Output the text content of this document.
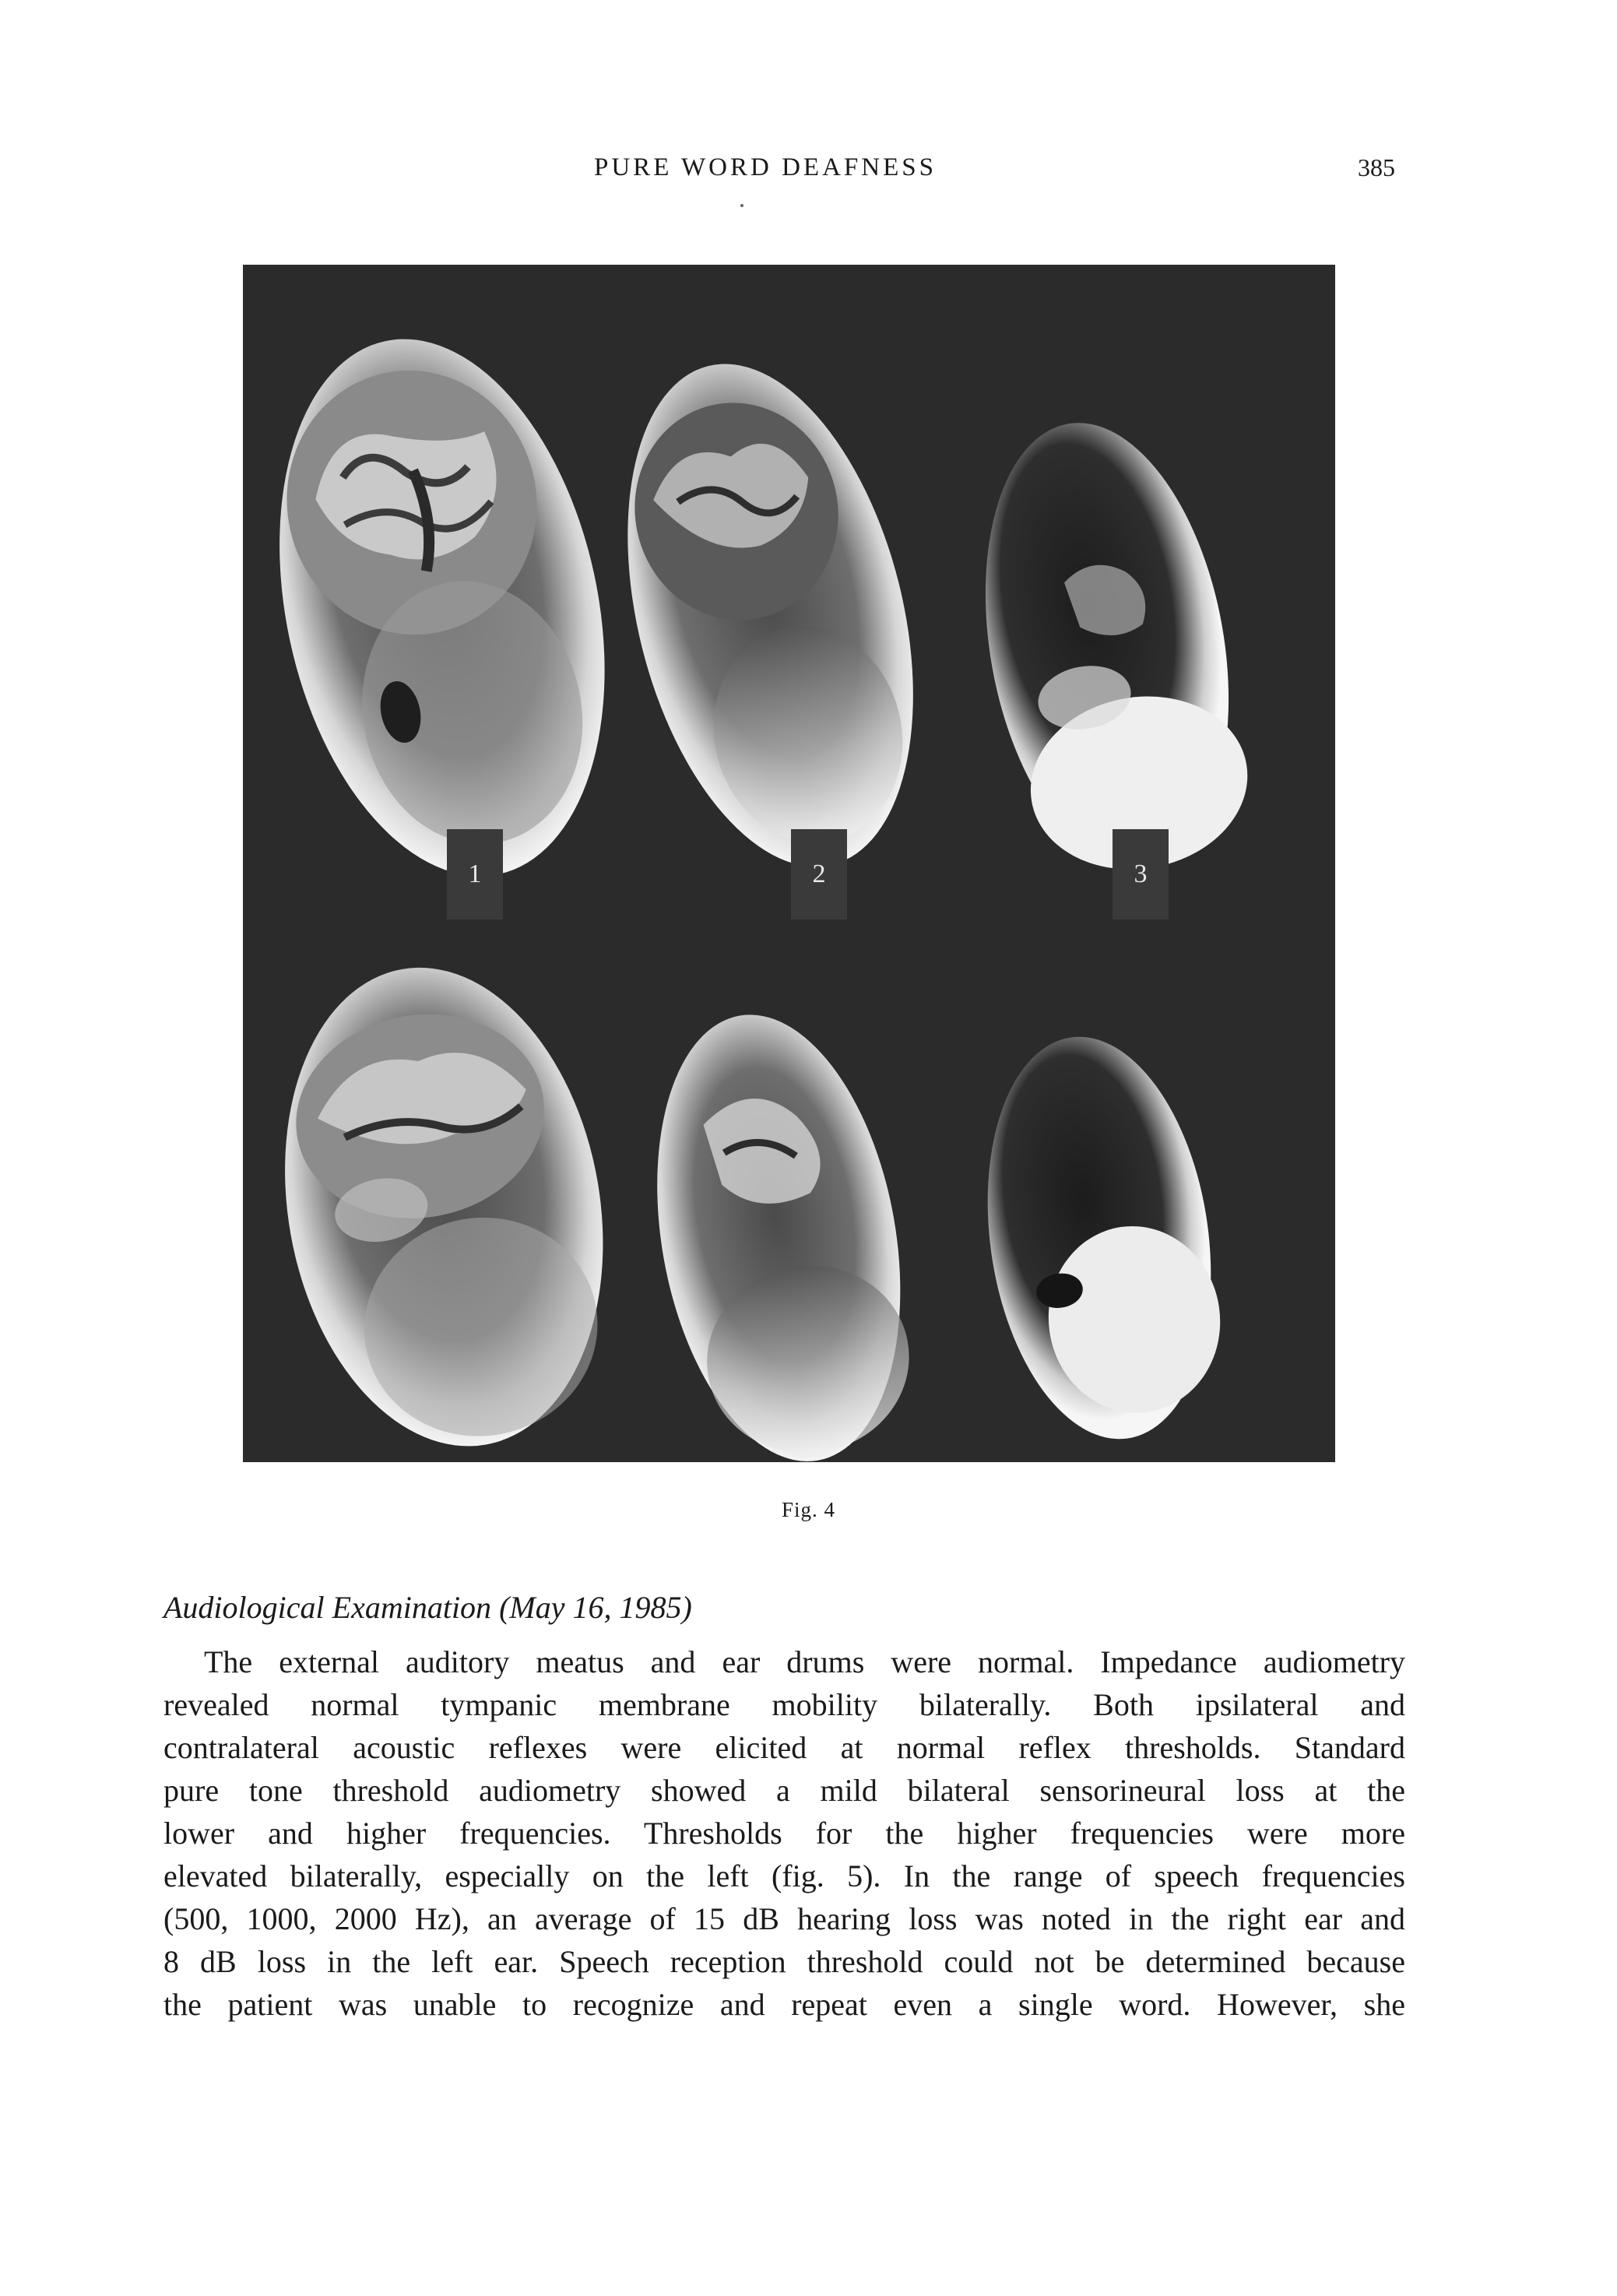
PURE WORD DEAFNESS	385
1	2	3
Fig. 4
Audiological Examination (May 16, 1985)
The external auditory meatus and ear drums were normal. Impedance audiometry
revealed normal tympanic membrane mobility bilaterally. Both ipsilateral and
contralateral acoustic reflexes were elicited at normal reflex thresholds. Standard
pure tone threshold audiometry showed a mild bilateral sensorineural loss at the
lower and higher frequencies. Thresholds for the higher frequencies were more
elevated bilaterally, especially on the left (fig. 5). In the range of speech frequencies
(500, 1000, 2000 Hz), an average of 15 dB hearing loss was noted in the right ear and
8 dB loss in the left ear. Speech reception threshold could not be determined because
the patient was unable to recognize and repeat even a single word. However, she
